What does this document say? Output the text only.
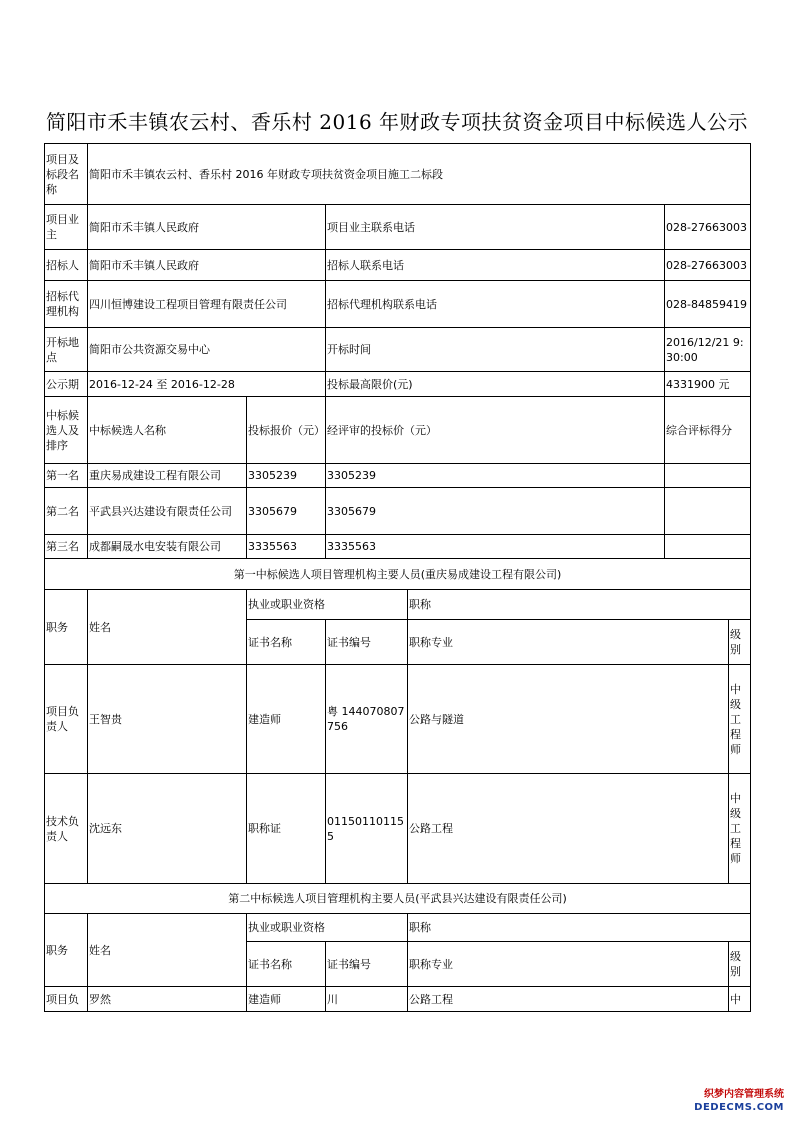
简阳市禾丰镇农云村、香乐村 2016 年财政专项扶贫资金项目中标候选人公示
项目及标段名称	简阳市禾丰镇农云村、香乐村 2016 年财政专项扶贫资金项目施工二标段					
项目业主	简阳市禾丰镇人民政府		项目业主联系电话		028-27663003	
招标人	简阳市禾丰镇人民政府		招标人联系电话		028-27663003	
招标代理机构	四川恒博建设工程项目管理有限责任公司		招标代理机构联系电话		028-84859419	
开标地点	简阳市公共资源交易中心		开标时间		2016/12/21 9:30:00	
公示期	2016-12-24 至 2016-12-28		投标最高限价(元)		4331900 元	
中标候选人及排序	中标候选人名称	投标报价（元）	经评审的投标价（元）		综合评标得分	
第一名	重庆易成建设工程有限公司	3305239	3305239			
第二名	平武县兴达建设有限责任公司	3305679	3305679			
第三名	成都嗣晟水电安装有限公司	3335563	3335563			
第一中标候选人项目管理机构主要人员(重庆易成建设工程有限公司)						
职务	姓名	执业或职业资格		职称		
		证书名称	证书编号	职称专业		级别
项目负责人	王智贵	建造师	粤 144070807756	公路与隧道		中级工程师
技术负责人	沈远东	职称证	011501101155	公路工程		中级工程师
第二中标候选人项目管理机构主要人员(平武县兴达建设有限责任公司)						
职务	姓名	执业或职业资格		职称		
		证书名称	证书编号	职称专业		级别
项目负	罗然	建造师	川	公路工程		中
织梦内容管理系统
DEDECMS.COM
